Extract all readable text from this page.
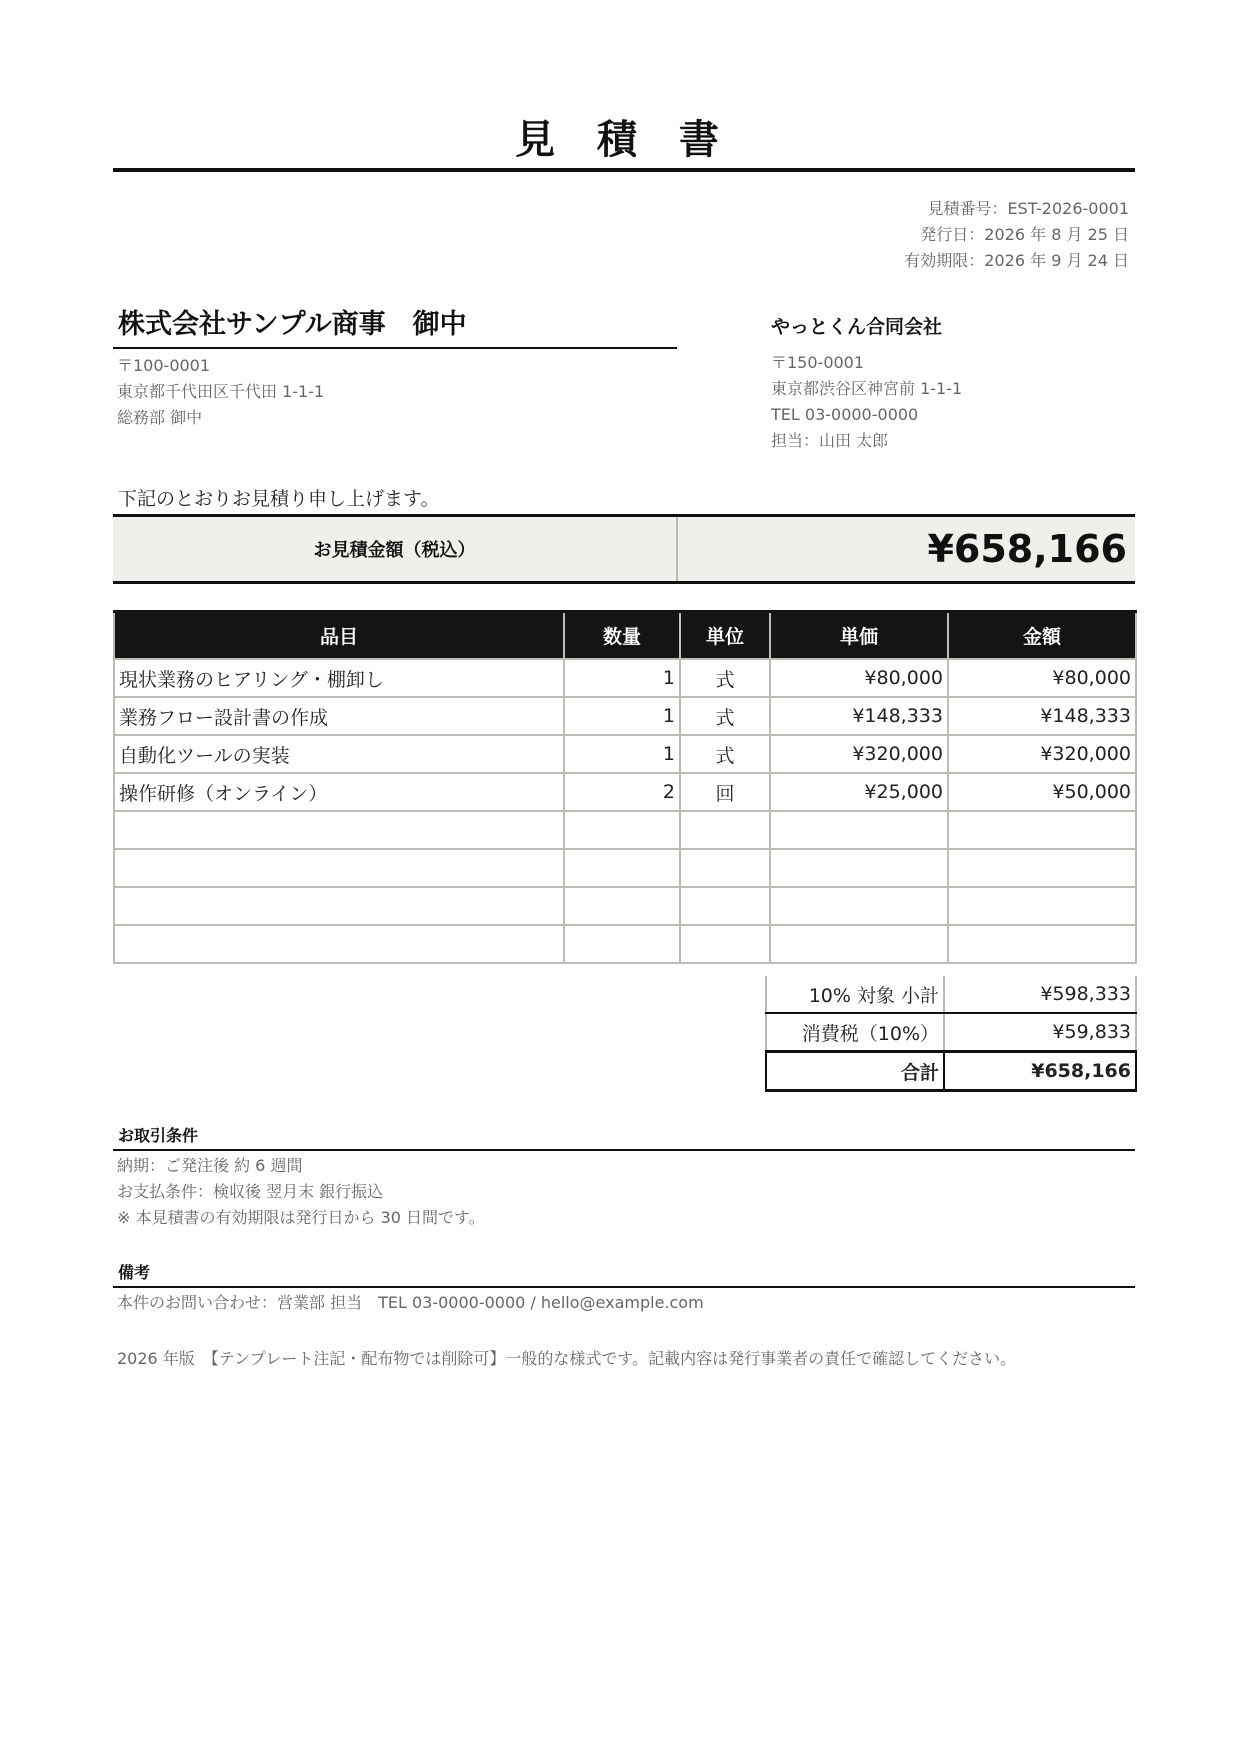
見 積 書
見積番号：EST-2026-0001
発行日：2026 年 8 月 25 日
有効期限：2026 年 9 月 24 日
株式会社サンプル商事　御中
〒100-0001
東京都千代田区千代田 1-1-1
総務部 御中
やっとくん合同会社
〒150-0001
東京都渋谷区神宮前 1-1-1
TEL 03-0000-0000
担当：山田 太郎
下記のとおりお見積り申し上げます。
お見積金額（税込）	¥658,166
品目	数量	単位	単価	金額
現状業務のヒアリング・棚卸し	1	式	¥80,000	¥80,000
業務フロー設計書の作成	1	式	¥148,333	¥148,333
自動化ツールの実装	1	式	¥320,000	¥320,000
操作研修（オンライン）	2	回	¥25,000	¥50,000

10% 対象 小計	¥598,333
消費税（10%）	¥59,833
合計	¥658,166
お取引条件
納期：ご発注後 約 6 週間
お支払条件：検収後 翌月末 銀行振込
※ 本見積書の有効期限は発行日から 30 日間です。
備考
本件のお問い合わせ：営業部 担当　TEL 03-0000-0000 / hello@example.com
2026 年版　【テンプレート注記・配布物では削除可】一般的な様式です。記載内容は発行事業者の責任で確認してください。
